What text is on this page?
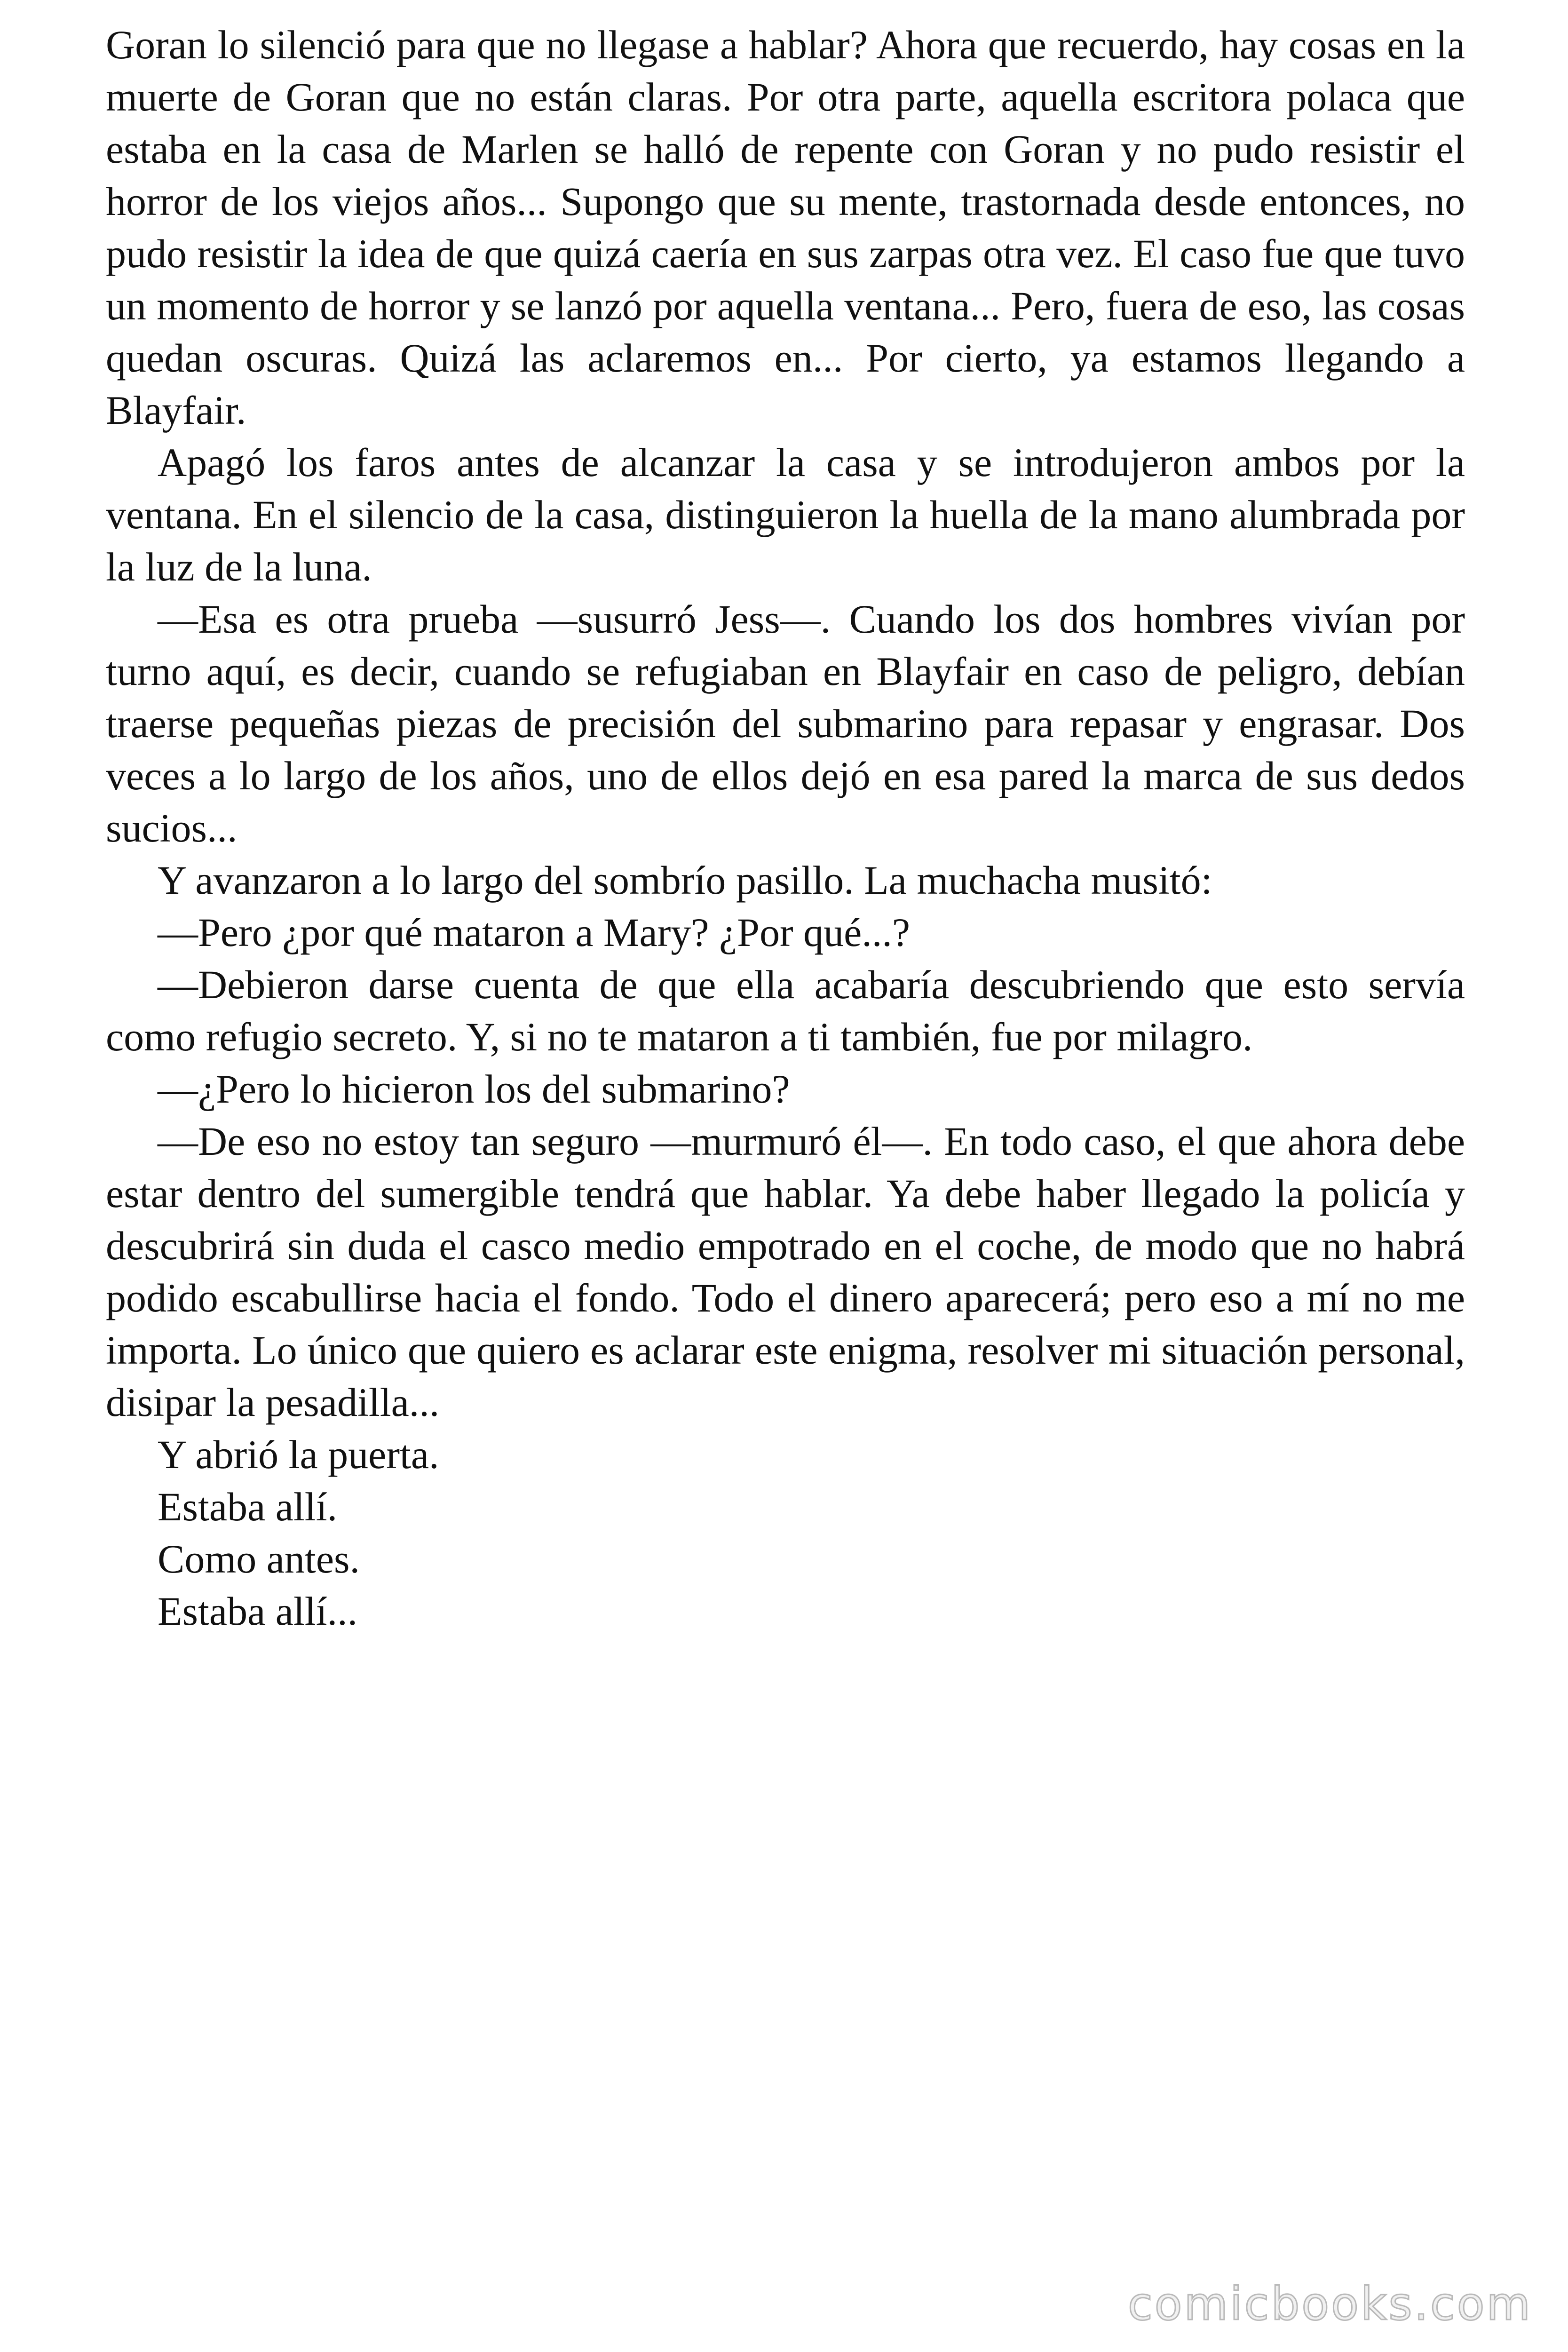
Goran lo silenció para que no llegase a hablar? Ahora que recuerdo, hay cosas en la muerte de Goran que no están claras. Por otra parte, aquella escritora polaca que estaba en la casa de Marlen se halló de repente con Goran y no pudo resistir el horror de los viejos años... Supongo que su mente, trastornada desde entonces, no pudo resistir la idea de que quizá caería en sus zarpas otra vez. El caso fue que tuvo un momento de horror y se lanzó por aquella ventana... Pero, fuera de eso, las cosas quedan oscuras. Quizá las aclaremos en... Por cierto, ya estamos llegando a Blayfair.

Apagó los faros antes de alcanzar la casa y se introdujeron ambos por la ventana. En el silencio de la casa, distinguieron la huella de la mano alumbrada por la luz de la luna.

—Esa es otra prueba —susurró Jess—. Cuando los dos hombres vivían por turno aquí, es decir, cuando se refugiaban en Blayfair en caso de peligro, debían traerse pequeñas piezas de precisión del submarino para repasar y engrasar. Dos veces a lo largo de los años, uno de ellos dejó en esa pared la marca de sus dedos sucios...

Y avanzaron a lo largo del sombrío pasillo. La muchacha musitó:

—Pero ¿por qué mataron a Mary? ¿Por qué...?

—Debieron darse cuenta de que ella acabaría descubriendo que esto servía como refugio secreto. Y, si no te mataron a ti también, fue por milagro.

—¿Pero lo hicieron los del submarino?

—De eso no estoy tan seguro —murmuró él—. En todo caso, el que ahora debe estar dentro del sumergible tendrá que hablar. Ya debe haber llegado la policía y descubrirá sin duda el casco medio empotrado en el coche, de modo que no habrá podido escabullirse hacia el fondo. Todo el dinero aparecerá; pero eso a mí no me importa. Lo único que quiero es aclarar este enigma, resolver mi situación personal, disipar la pesadilla...

Y abrió la puerta.

Estaba allí.

Como antes.

Estaba allí...

comicbooks.com
